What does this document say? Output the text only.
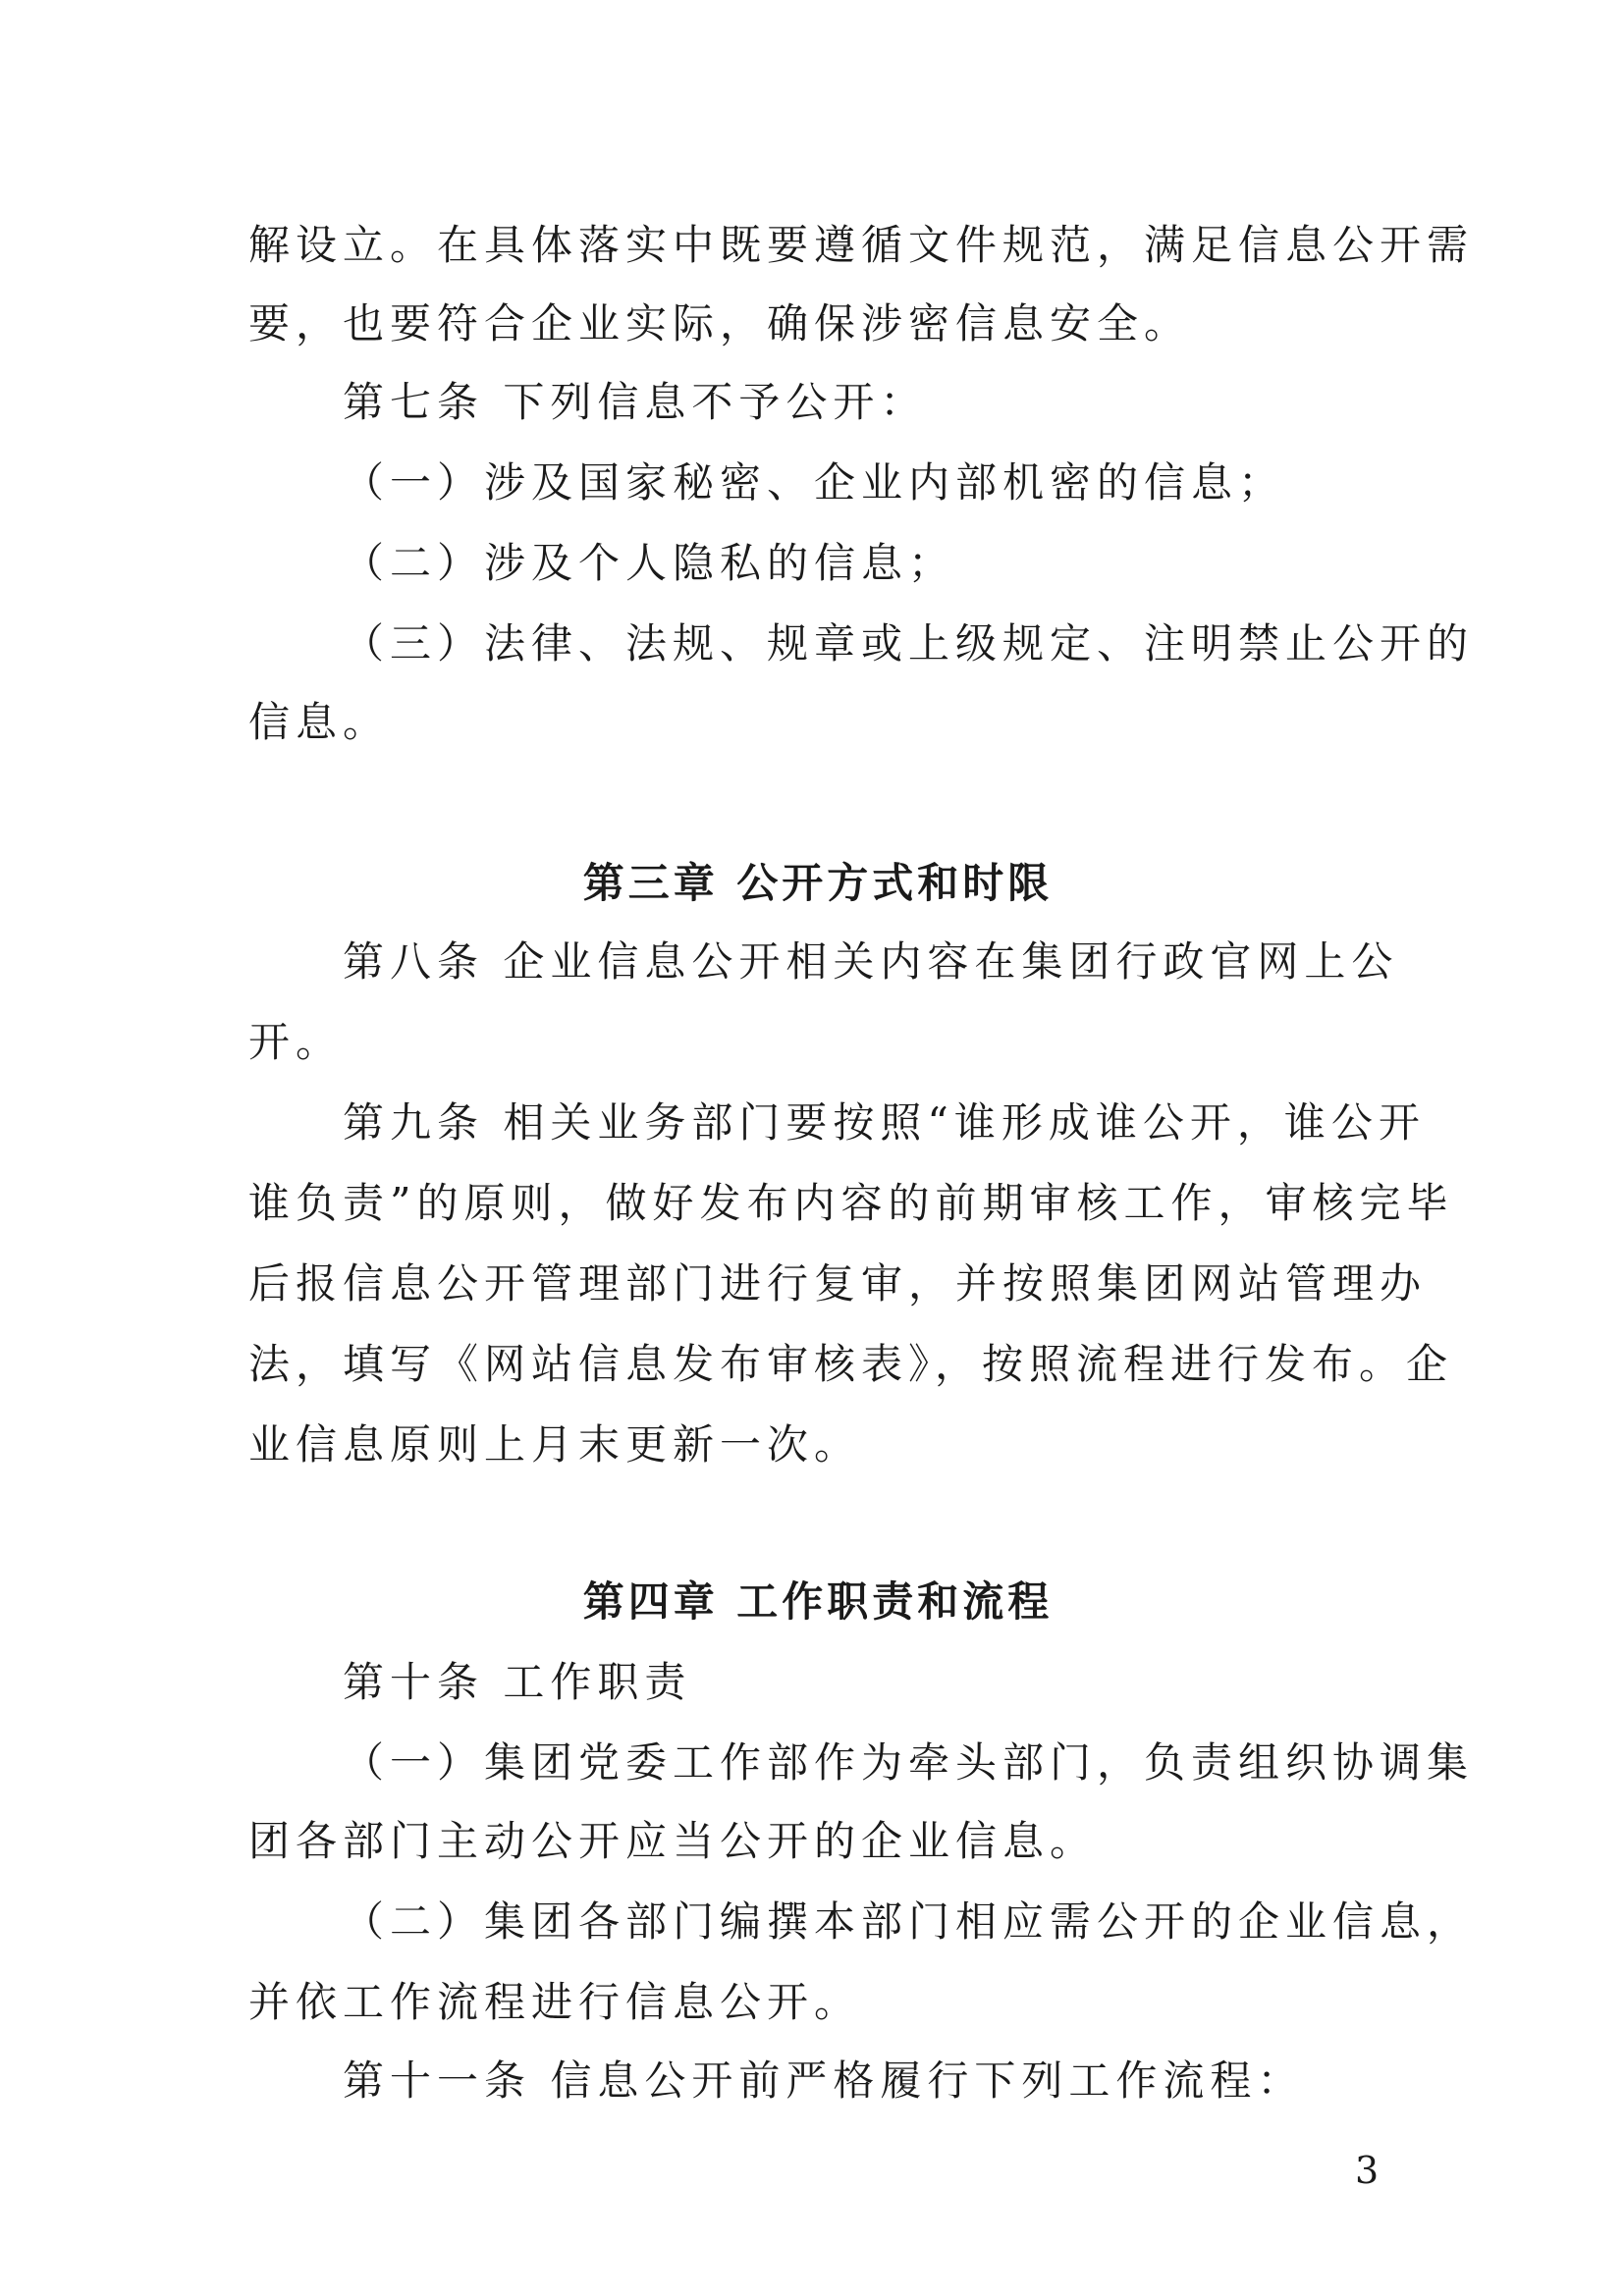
解设立。在具体落实中既要遵循文件规范，满足信息公开需
要，也要符合企业实际，确保涉密信息安全。
第七条 下列信息不予公开：
（一）涉及国家秘密、企业内部机密的信息；
（二）涉及个人隐私的信息；
（三）法律、法规、规章或上级规定、注明禁止公开的
信息。
第三章 公开方式和时限
第八条 企业信息公开相关内容在集团行政官网上公
开。
第九条 相关业务部门要按照“谁形成谁公开，谁公开
谁负责”的原则，做好发布内容的前期审核工作，审核完毕
后报信息公开管理部门进行复审，并按照集团网站管理办
法，填写《网站信息发布审核表》，按照流程进行发布。企
业信息原则上月末更新一次。
第四章 工作职责和流程
第十条 工作职责
（一）集团党委工作部作为牵头部门，负责组织协调集
团各部门主动公开应当公开的企业信息。
（二）集团各部门编撰本部门相应需公开的企业信息，
并依工作流程进行信息公开。
第十一条 信息公开前严格履行下列工作流程：
3
